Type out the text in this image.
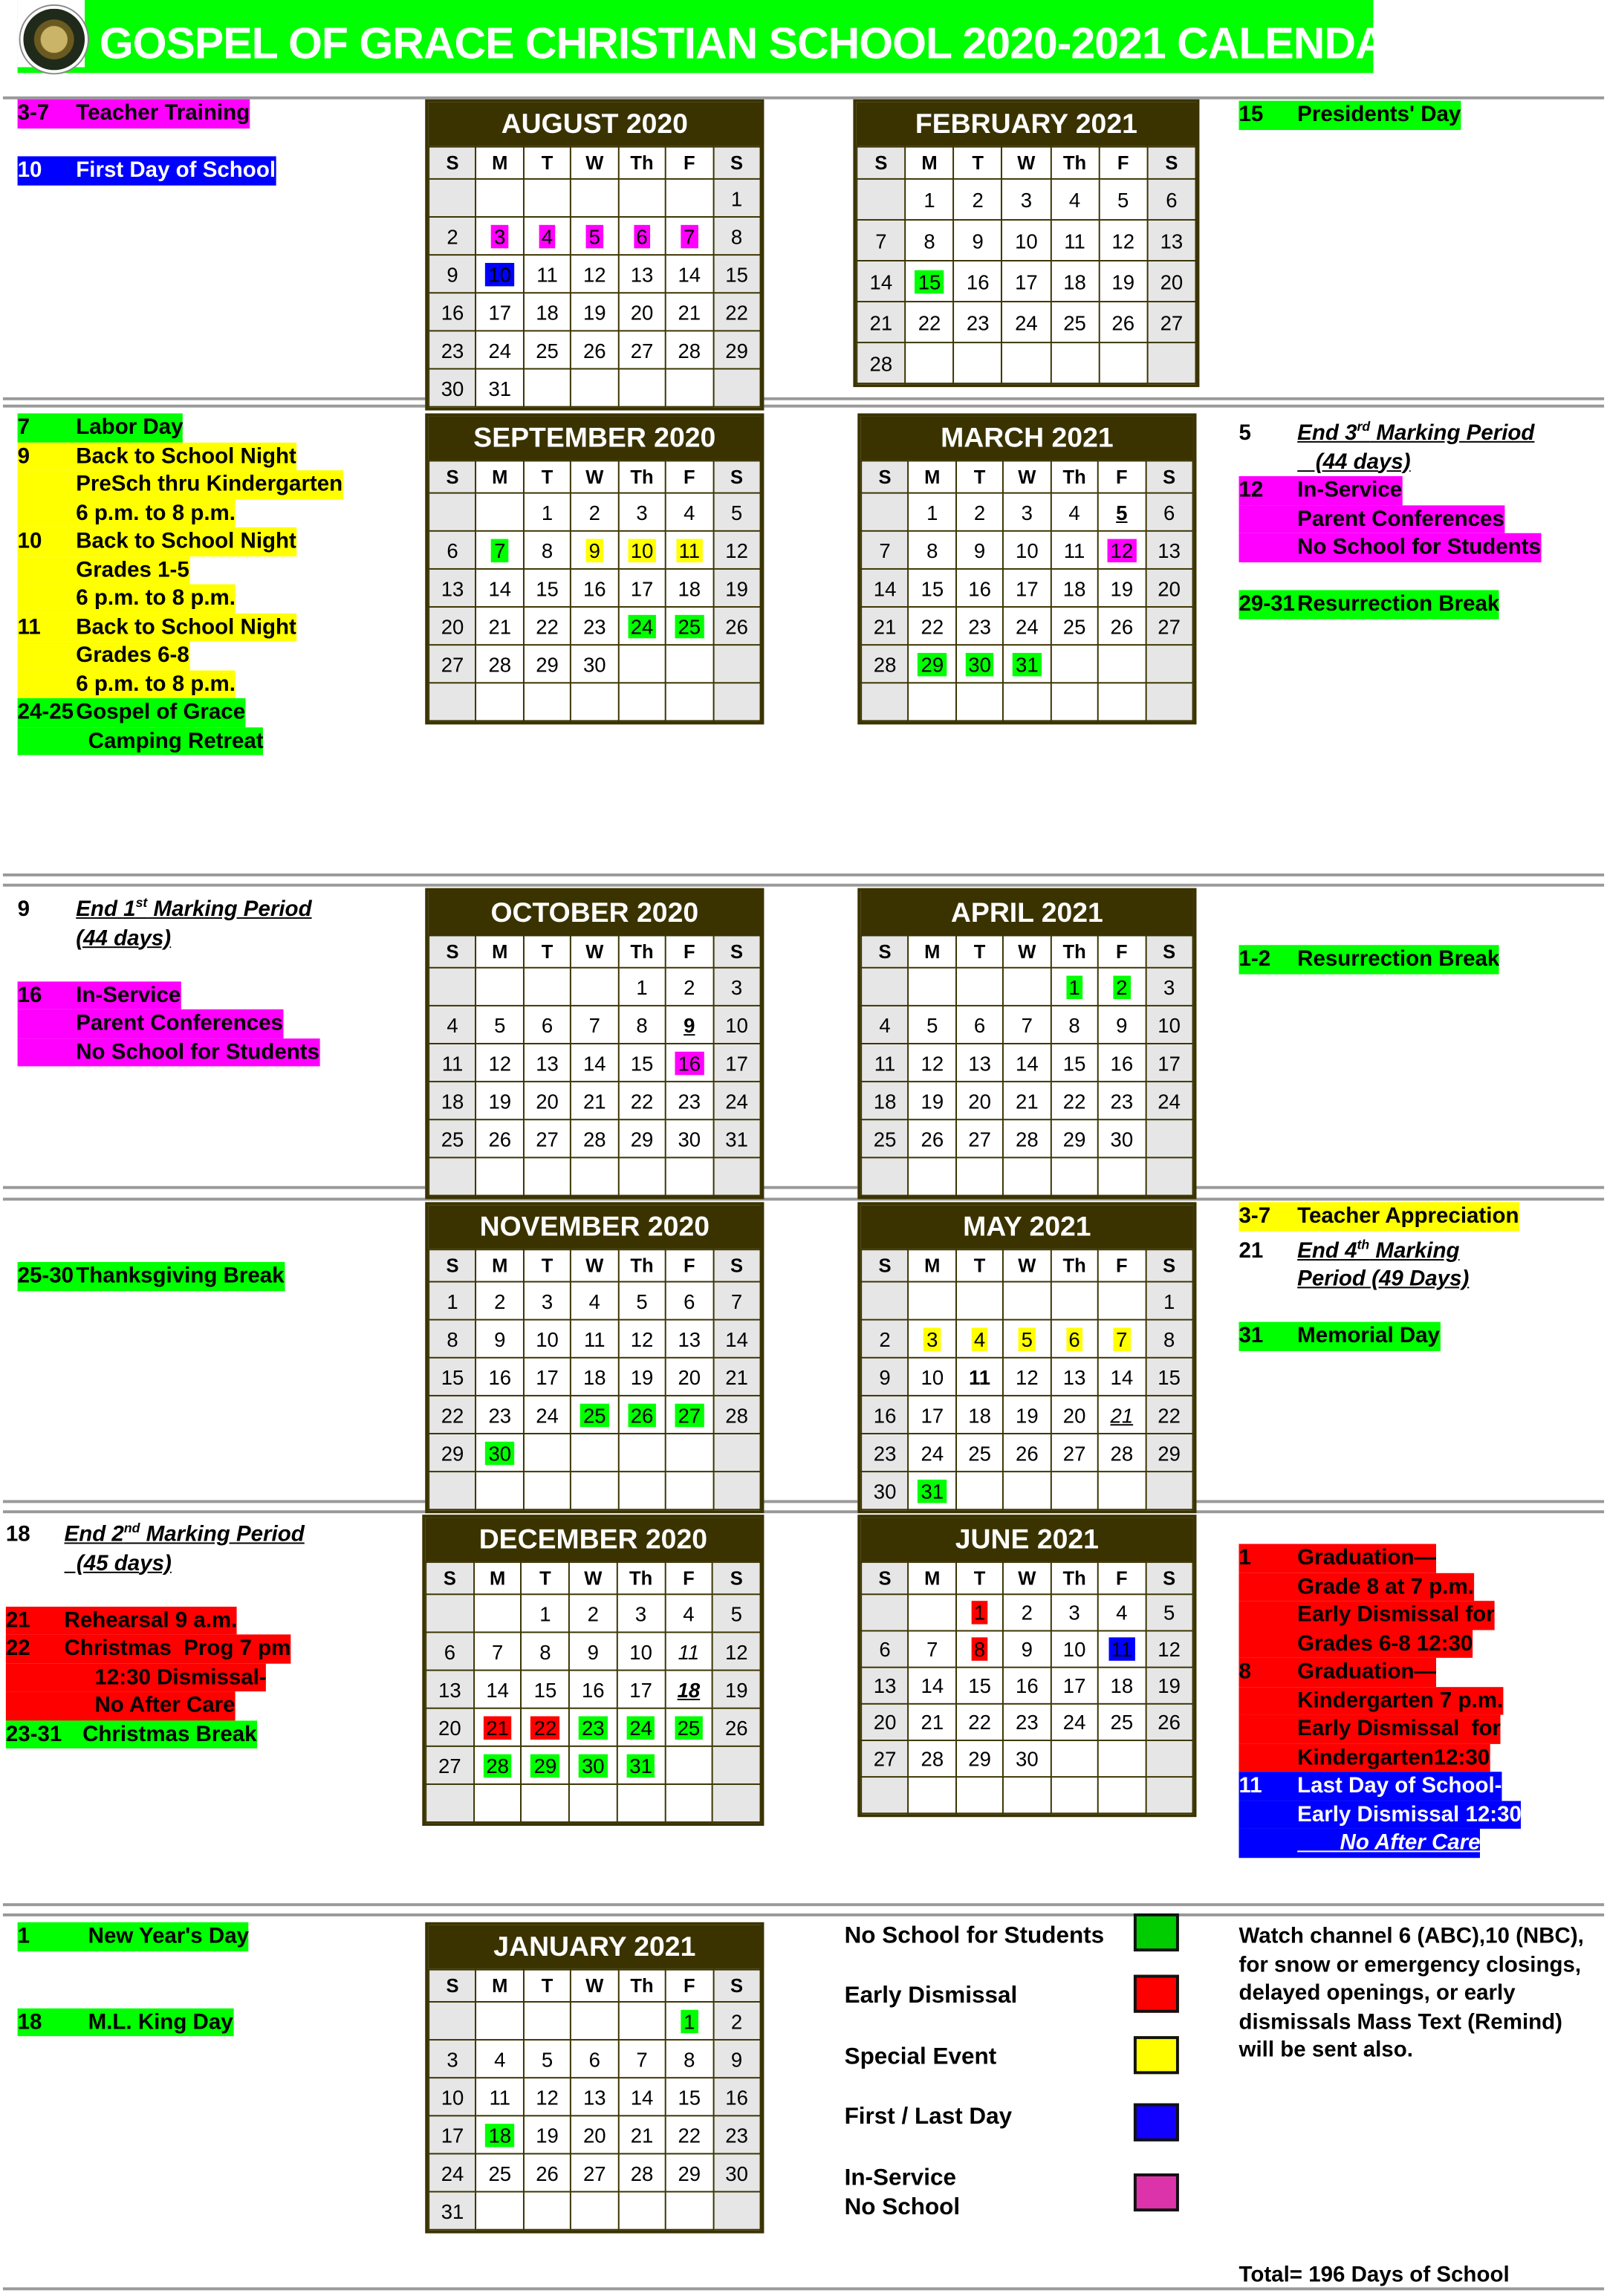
GOSPEL OF GRACE CHRISTIAN SCHOOL 2020-2021 CALENDAR
AUGUST 2020
S	M	T	W	Th	F	S
						1
2	3	4	5	6	7	8
9	10	11	12	13	14	15
16	17	18	19	20	21	22
23	24	25	26	27	28	29
30	31					
FEBRUARY 2021
S	M	T	W	Th	F	S
	1	2	3	4	5	6
7	8	9	10	11	12	13
14	15	16	17	18	19	20
21	22	23	24	25	26	27
28						
SEPTEMBER 2020
S	M	T	W	Th	F	S
		1	2	3	4	5
6	7	8	9	10	11	12
13	14	15	16	17	18	19
20	21	22	23	24	25	26
27	28	29	30			

MARCH 2021
S	M	T	W	Th	F	S
	1	2	3	4	5	6
7	8	9	10	11	12	13
14	15	16	17	18	19	20
21	22	23	24	25	26	27
28	29	30	31			

OCTOBER 2020
S	M	T	W	Th	F	S
				1	2	3
4	5	6	7	8	9	10
11	12	13	14	15	16	17
18	19	20	21	22	23	24
25	26	27	28	29	30	31

APRIL 2021
S	M	T	W	Th	F	S
				1	2	3
4	5	6	7	8	9	10
11	12	13	14	15	16	17
18	19	20	21	22	23	24
25	26	27	28	29	30	

NOVEMBER 2020
S	M	T	W	Th	F	S
1	2	3	4	5	6	7
8	9	10	11	12	13	14
15	16	17	18	19	20	21
22	23	24	25	26	27	28
29	30					

MAY 2021
S	M	T	W	Th	F	S
						1
2	3	4	5	6	7	8
9	10	11	12	13	14	15
16	17	18	19	20	21	22
23	24	25	26	27	28	29
30	31					
DECEMBER 2020
S	M	T	W	Th	F	S
		1	2	3	4	5
6	7	8	9	10	11	12
13	14	15	16	17	18	19
20	21	22	23	24	25	26
27	28	29	30	31		

JUNE 2021
S	M	T	W	Th	F	S
		1	2	3	4	5
6	7	8	9	10	11	12
13	14	15	16	17	18	19
20	21	22	23	24	25	26
27	28	29	30			

JANUARY 2021
S	M	T	W	Th	F	S
					1	2
3	4	5	6	7	8	9
10	11	12	13	14	15	16
17	18	19	20	21	22	23
24	25	26	27	28	29	30
31						
3-7 Teacher Training

10	First Day of School
15	Presidents' Day
7	Labor Day
9	Back to School Night
PreSch thru Kindergarten
6 p.m. to 8 p.m.
10	Back to School Night
Grades 1-5
6 p.m. to 8 p.m.
11	Back to School Night
Grades 6-8
6 p.m. to 8 p.m.
24-25 Gospel of Grace
Camping Retreat
5	End 3rd Marking Period
(44 days)
12	In-Service
Parent Conferences
No School for Students

29-31 Resurrection Break
9	End 1st Marking Period
(44 days)

16	In-Service
Parent Conferences
No School for Students
1-2 Resurrection Break
25-30 Thanksgiving Break
3-7 Teacher Appreciation
21	End 4th Marking
Period (49 Days)

31	Memorial Day
18	End 2nd Marking Period
(45 days)

21	Rehearsal 9 a.m.
22	Christmas  Prog 7 pm
12:30 Dismissal-
No After Care
23-31   Christmas Break
1	Graduation—
Grade 8 at 7 p.m.
Early Dismissal for
Grades 6-8 12:30
8	Graduation—
Kindergarten 7 p.m.
Early Dismissal  for
Kindergarten12:30
11	Last Day of School-
Early Dismissal 12:30
No After Care
1	New Year's Day

18	M.L. King Day
No School for Students
Early Dismissal
Special Event
First / Last Day
In-Service
No School
Watch channel 6 (ABC),10 (NBC), for snow or emergency closings, delayed openings, or early dismissals Mass Text (Remind) will be sent also.
Total= 196 Days of School
